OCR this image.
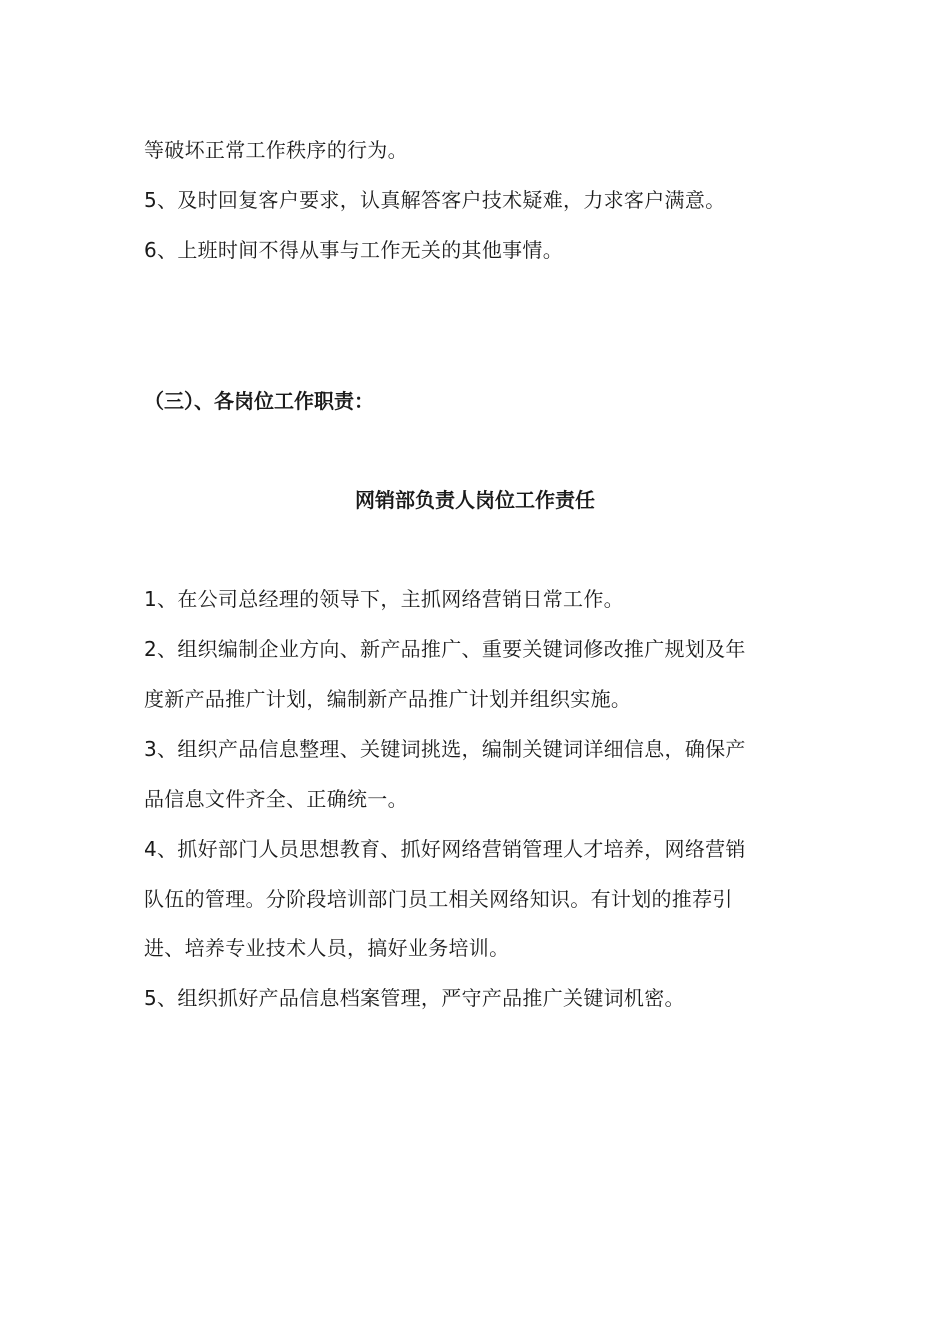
等破坏正常工作秩序的行为。
5、及时回复客户要求，认真解答客户技术疑难，力求客户满意。
6、上班时间不得从事与工作无关的其他事情。
（三）、各岗位工作职责：
网销部负责人岗位工作责任
1、在公司总经理的领导下，主抓网络营销日常工作。
2、组织编制企业方向、新产品推广、重要关键词修改推广规划及年
度新产品推广计划，编制新产品推广计划并组织实施。
3、组织产品信息整理、关键词挑选，编制关键词详细信息，确保产
品信息文件齐全、正确统一。
4、抓好部门人员思想教育、抓好网络营销管理人才培养，网络营销
队伍的管理。分阶段培训部门员工相关网络知识。有计划的推荐引
进、培养专业技术人员，搞好业务培训。
5、组织抓好产品信息档案管理，严守产品推广关键词机密。
